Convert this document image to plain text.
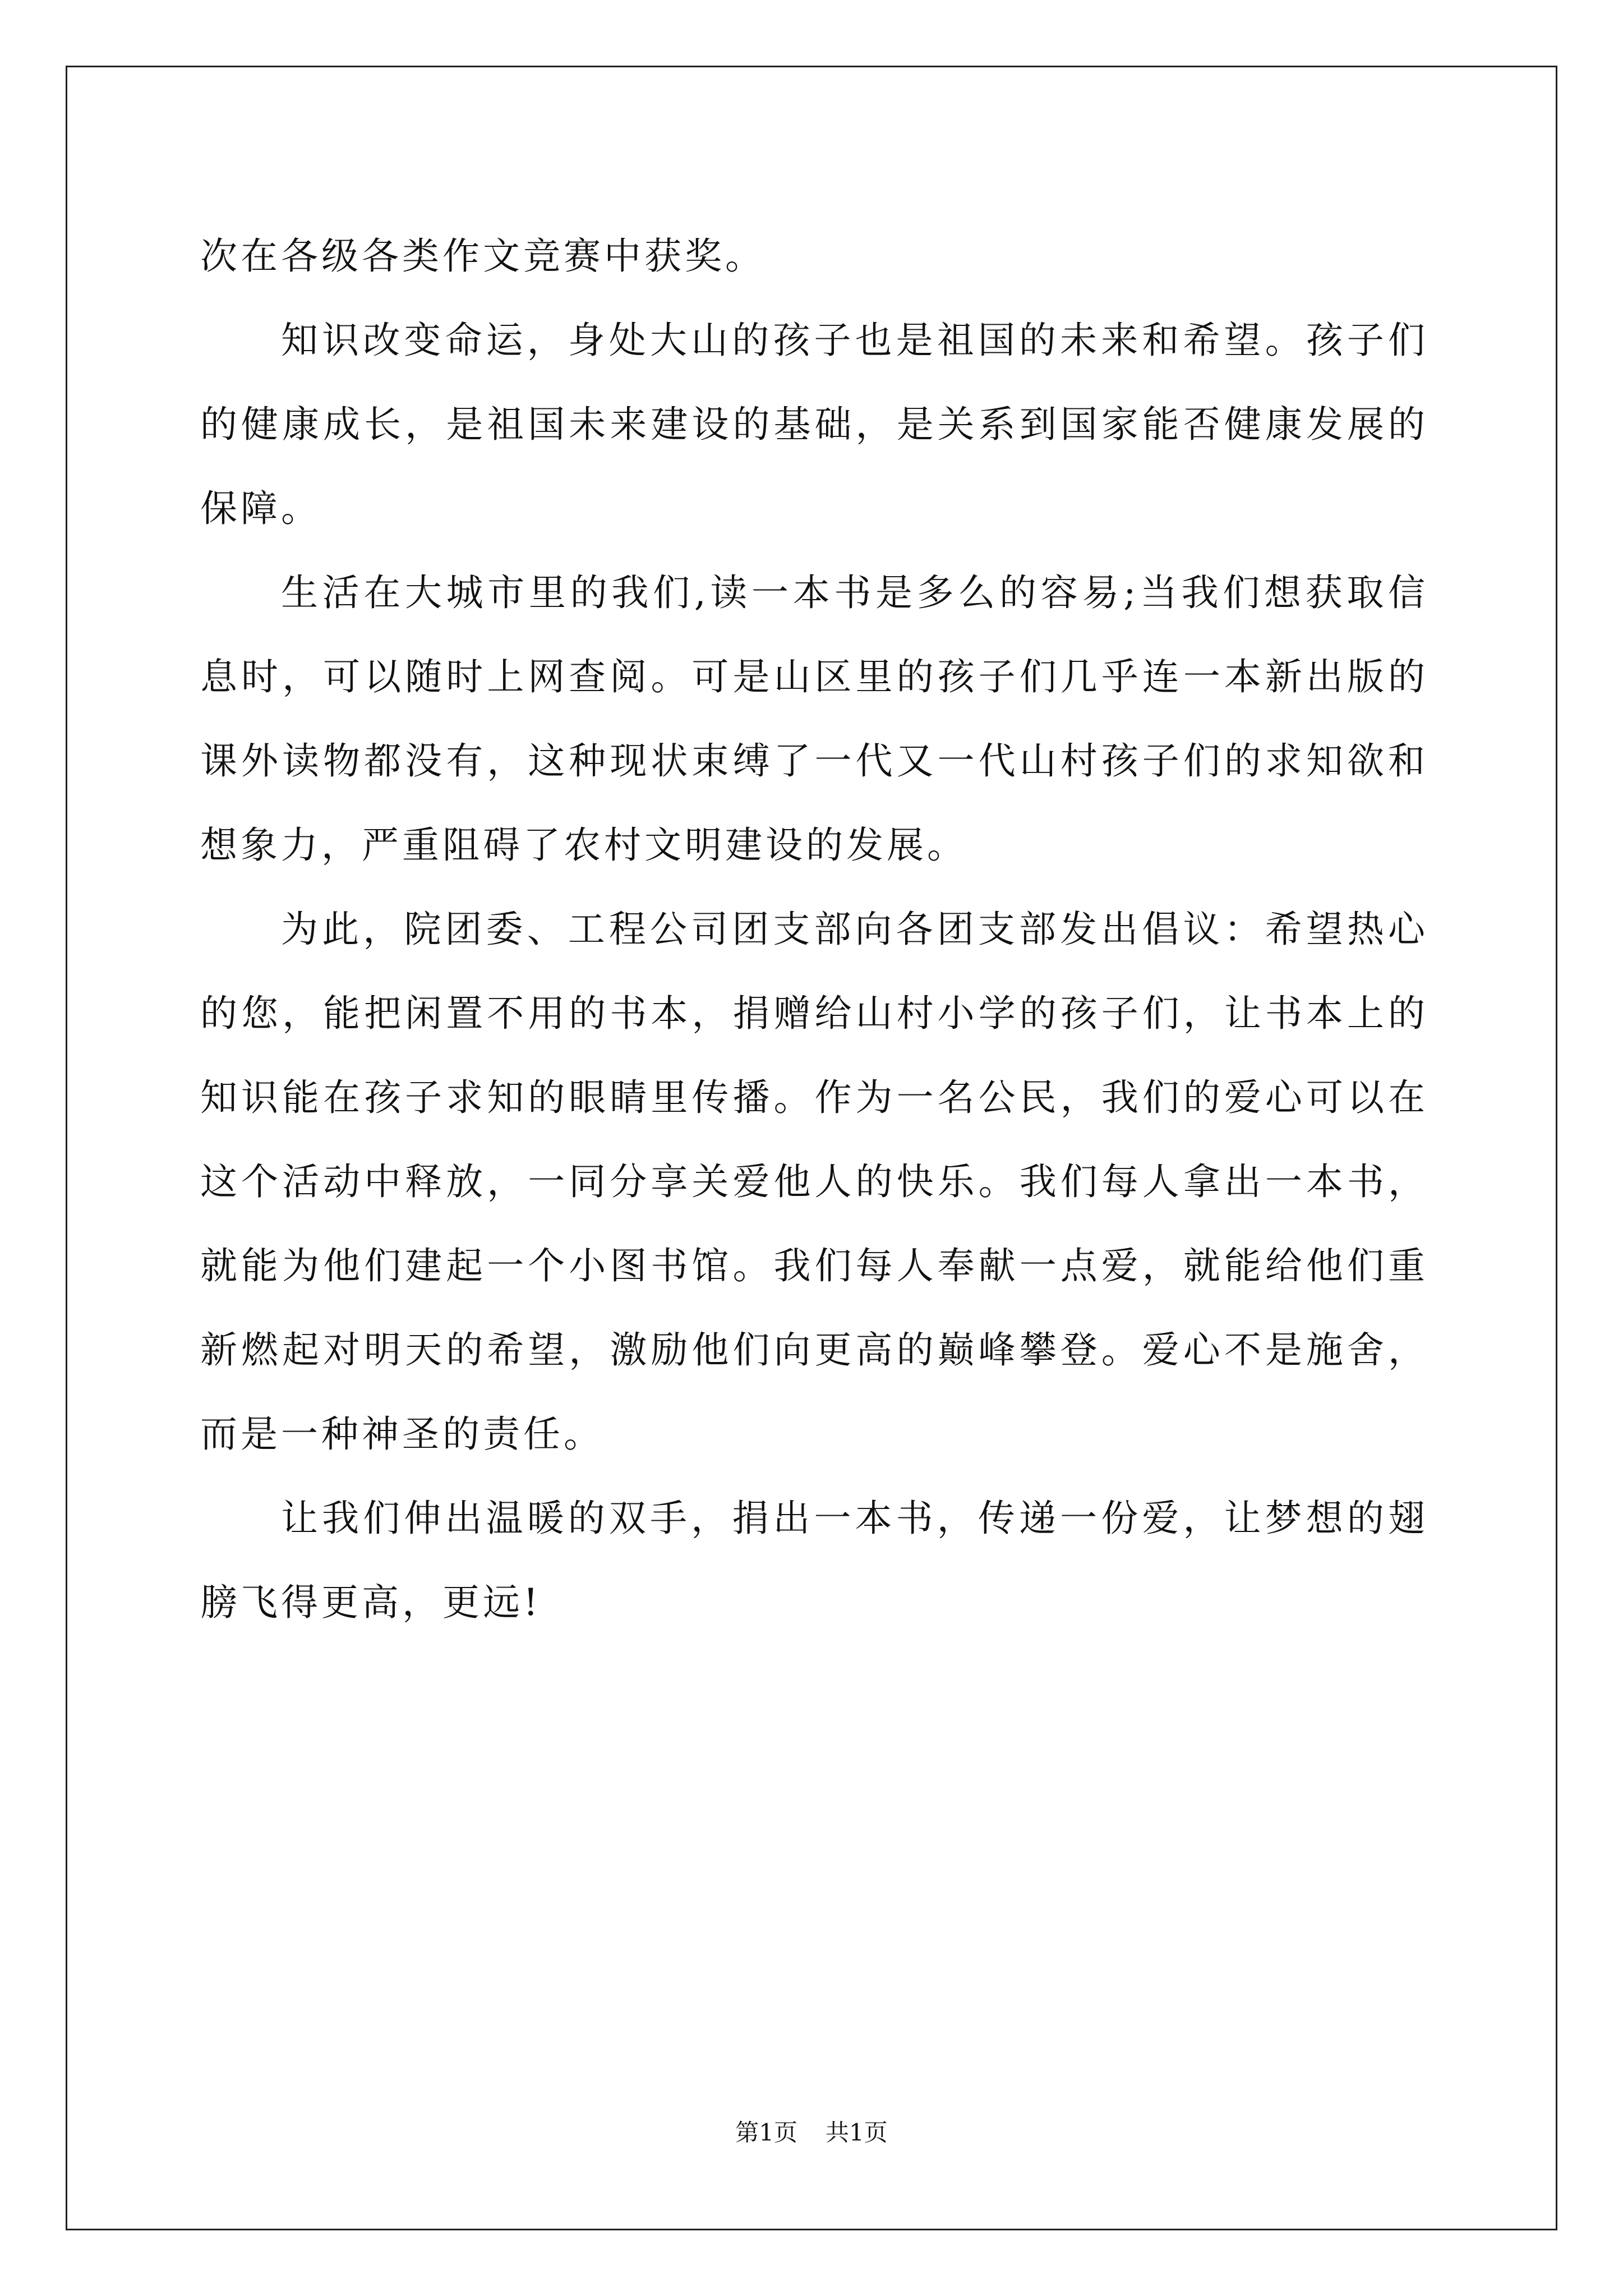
次在各级各类作文竞赛中获奖。

知识改变命运，身处大山的孩子也是祖国的未来和希望。孩子们的健康成长，是祖国未来建设的基础，是关系到国家能否健康发展的保障。

生活在大城市里的我们,读一本书是多么的容易;当我们想获取信息时，可以随时上网查阅。可是山区里的孩子们几乎连一本新出版的课外读物都没有，这种现状束缚了一代又一代山村孩子们的求知欲和想象力，严重阻碍了农村文明建设的发展。

为此，院团委、工程公司团支部向各团支部发出倡议：希望热心的您，能把闲置不用的书本，捐赠给山村小学的孩子们，让书本上的知识能在孩子求知的眼睛里传播。作为一名公民，我们的爱心可以在这个活动中释放，一同分享关爱他人的快乐。我们每人拿出一本书，就能为他们建起一个小图书馆。我们每人奉献一点爱，就能给他们重新燃起对明天的希望，激励他们向更高的巅峰攀登。爱心不是施舍，而是一种神圣的责任。

让我们伸出温暖的双手，捐出一本书，传递一份爱，让梦想的翅膀飞得更高，更远!

第1页 共1页
